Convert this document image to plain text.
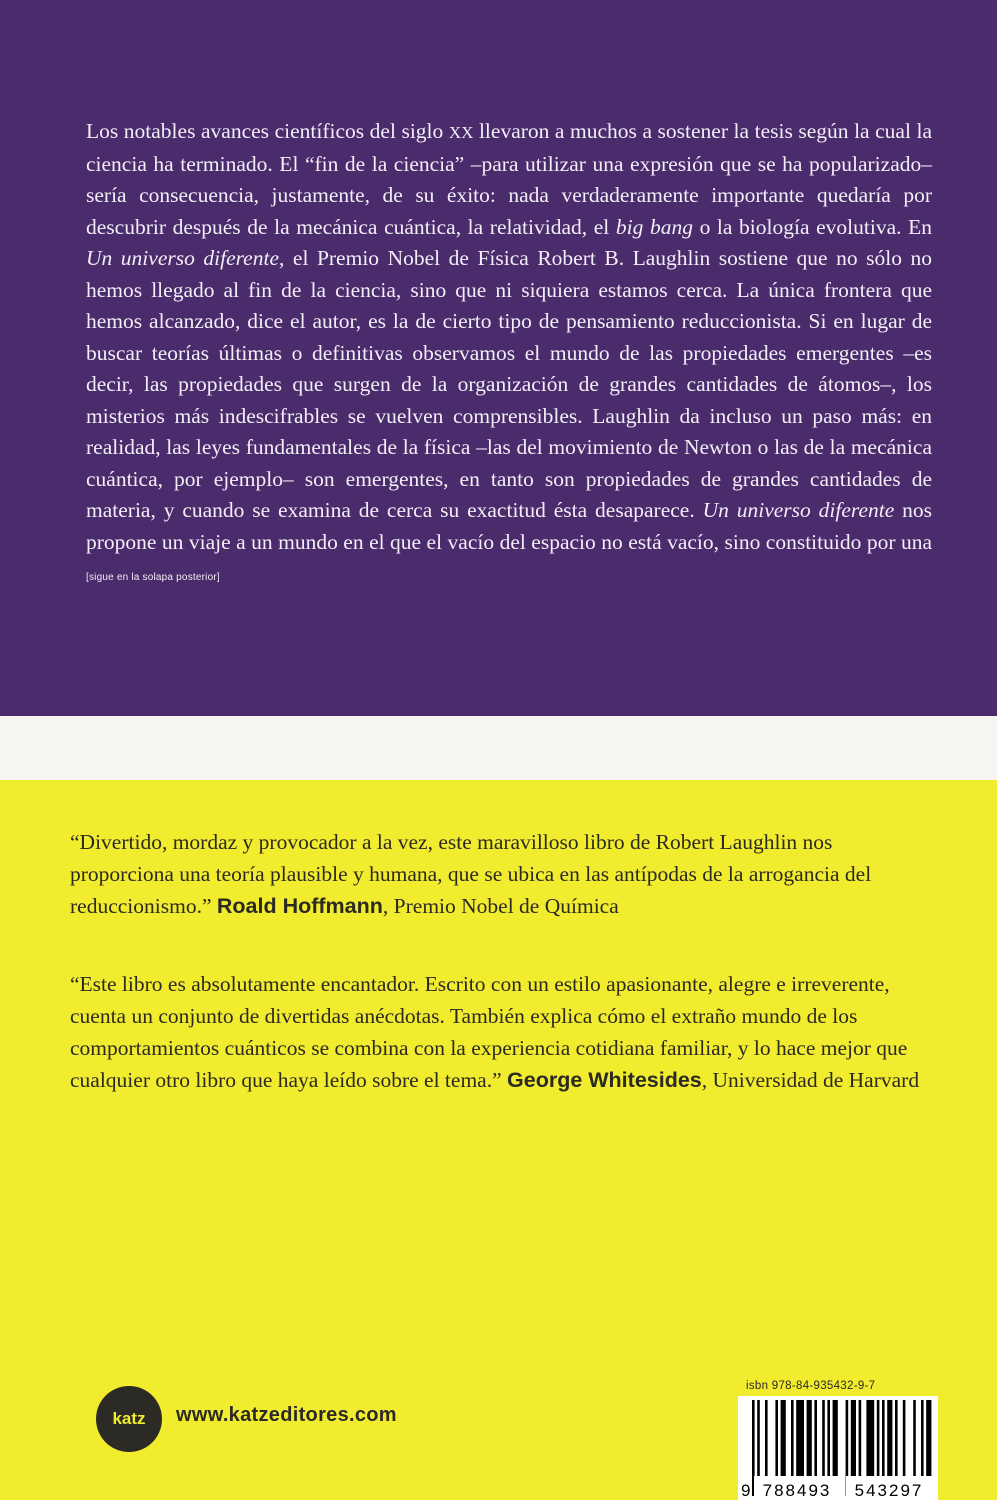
Los notables avances científicos del siglo XX llevaron a muchos a sostener la tesis según la cual la ciencia ha terminado. El “fin de la ciencia” –para utilizar una expresión que se ha popularizado– sería consecuencia, justamente, de su éxito: nada verdaderamente importante quedaría por descubrir después de la mecánica cuántica, la relatividad, el big bang o la biología evolutiva. En Un universo diferente, el Premio Nobel de Física Robert B. Laughlin sostiene que no sólo no hemos llegado al fin de la ciencia, sino que ni siquiera estamos cerca. La única frontera que hemos alcanzado, dice el autor, es la de cierto tipo de pensamiento reduccionista. Si en lugar de buscar teorías últimas o definitivas observamos el mundo de las propiedades emergentes –es decir, las propiedades que surgen de la organización de grandes cantidades de átomos–, los misterios más indescifrables se vuelven comprensibles. Laughlin da incluso un paso más: en realidad, las leyes fundamentales de la física –las del movimiento de Newton o las de la mecánica cuántica, por ejemplo– son emergentes, en tanto son propiedades de grandes cantidades de materia, y cuando se examina de cerca su exactitud ésta desaparece. Un universo diferente nos propone un viaje a un mundo en el que el vacío del espacio no está vacío, sino constituido por una [sigue en la solapa posterior]

“Divertido, mordaz y provocador a la vez, este maravilloso libro de Robert Laughlin nos proporciona una teoría plausible y humana, que se ubica en las antípodas de la arrogancia del reduccionismo.” Roald Hoffmann, Premio Nobel de Química

“Este libro es absolutamente encantador. Escrito con un estilo apasionante, alegre e irreverente, cuenta un conjunto de divertidas anécdotas. También explica cómo el extraño mundo de los comportamientos cuánticos se combina con la experiencia cotidiana familiar, y lo hace mejor que cualquier otro libro que haya leído sobre el tema.” George Whitesides, Universidad de Harvard

katz www.katzeditores.com
isbn 978-84-935432-9-7
9 788493 543297
